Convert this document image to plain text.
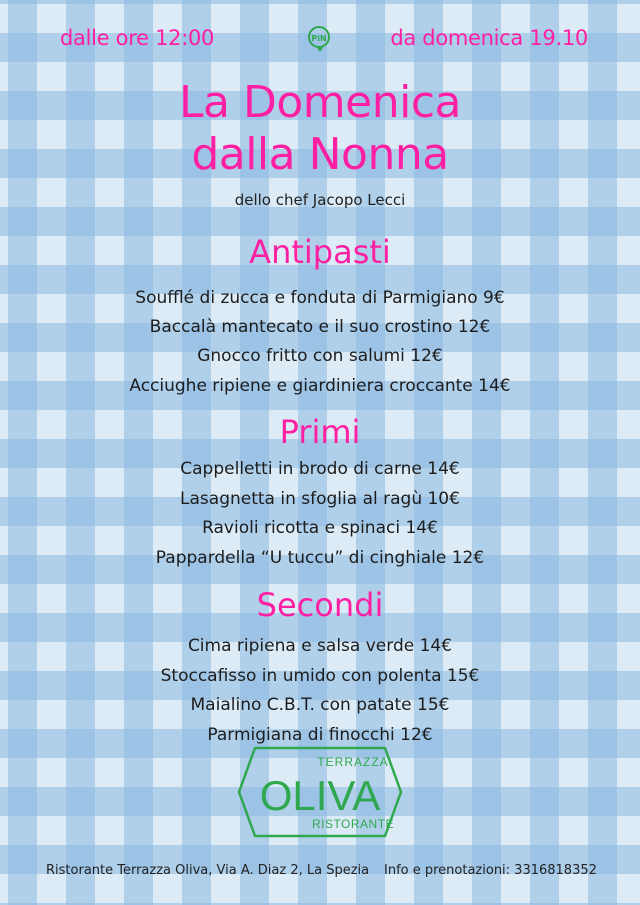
dalle ore 12:00	PiN	da domenica 19.10
La Domenica
dalla Nonna
dello chef Jacopo Lecci
Antipasti
Soufflé di zucca e fonduta di Parmigiano 9€
Baccalà mantecato e il suo crostino 12€
Gnocco fritto con salumi 12€
Acciughe ripiene e giardiniera croccante 14€
Primi
Cappelletti in brodo di carne 14€
Lasagnetta in sfoglia al ragù 10€
Ravioli ricotta e spinaci 14€
Pappardella “U tuccu” di cinghiale 12€
Secondi
Cima ripiena e salsa verde 14€
Stoccafisso in umido con polenta 15€
Maialino C.B.T. con patate 15€
Parmigiana di finocchi 12€
TERRAZZA
OLIVA
RISTORANTE
Ristorante Terrazza Oliva, Via A. Diaz 2, La Spezia Info e prenotazioni: 3316818352
